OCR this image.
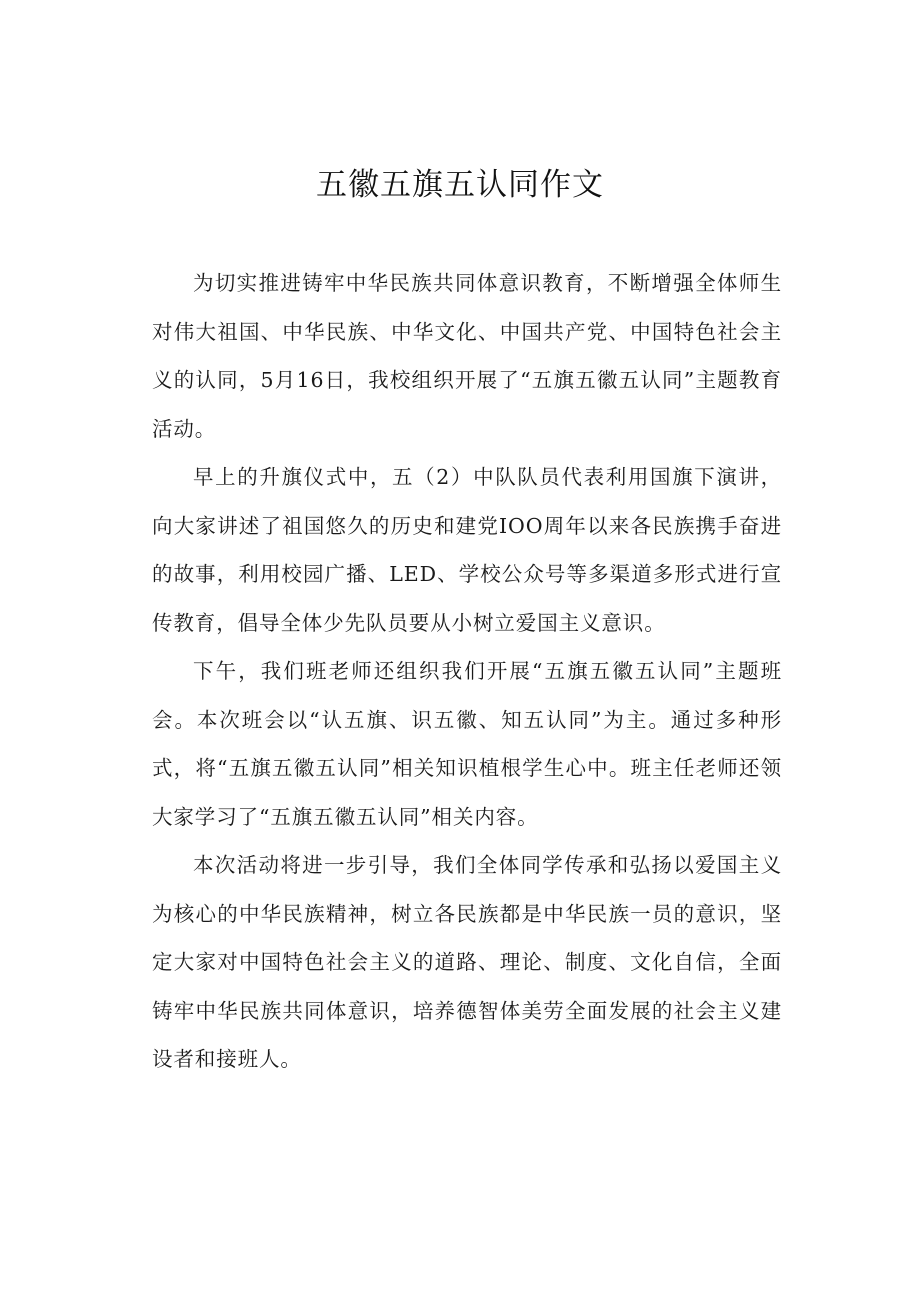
五徽五旗五认同作文

为切实推进铸牢中华民族共同体意识教育，不断增强全体师生对伟大祖国、中华民族、中华文化、中国共产党、中国特色社会主义的认同，5月16日，我校组织开展了“五旗五徽五认同”主题教育活动。

早上的升旗仪式中，五（2）中队队员代表利用国旗下演讲，向大家讲述了祖国悠久的历史和建党IOO周年以来各民族携手奋进的故事，利用校园广播、LED、学校公众号等多渠道多形式进行宣传教育，倡导全体少先队员要从小树立爱国主义意识。

下午，我们班老师还组织我们开展“五旗五徽五认同”主题班会。本次班会以“认五旗、识五徽、知五认同”为主。通过多种形式，将“五旗五徽五认同”相关知识植根学生心中。班主任老师还领大家学习了“五旗五徽五认同”相关内容。

本次活动将进一步引导，我们全体同学传承和弘扬以爱国主义为核心的中华民族精神，树立各民族都是中华民族一员的意识，坚定大家对中国特色社会主义的道路、理论、制度、文化自信，全面铸牢中华民族共同体意识，培养德智体美劳全面发展的社会主义建设者和接班人。
